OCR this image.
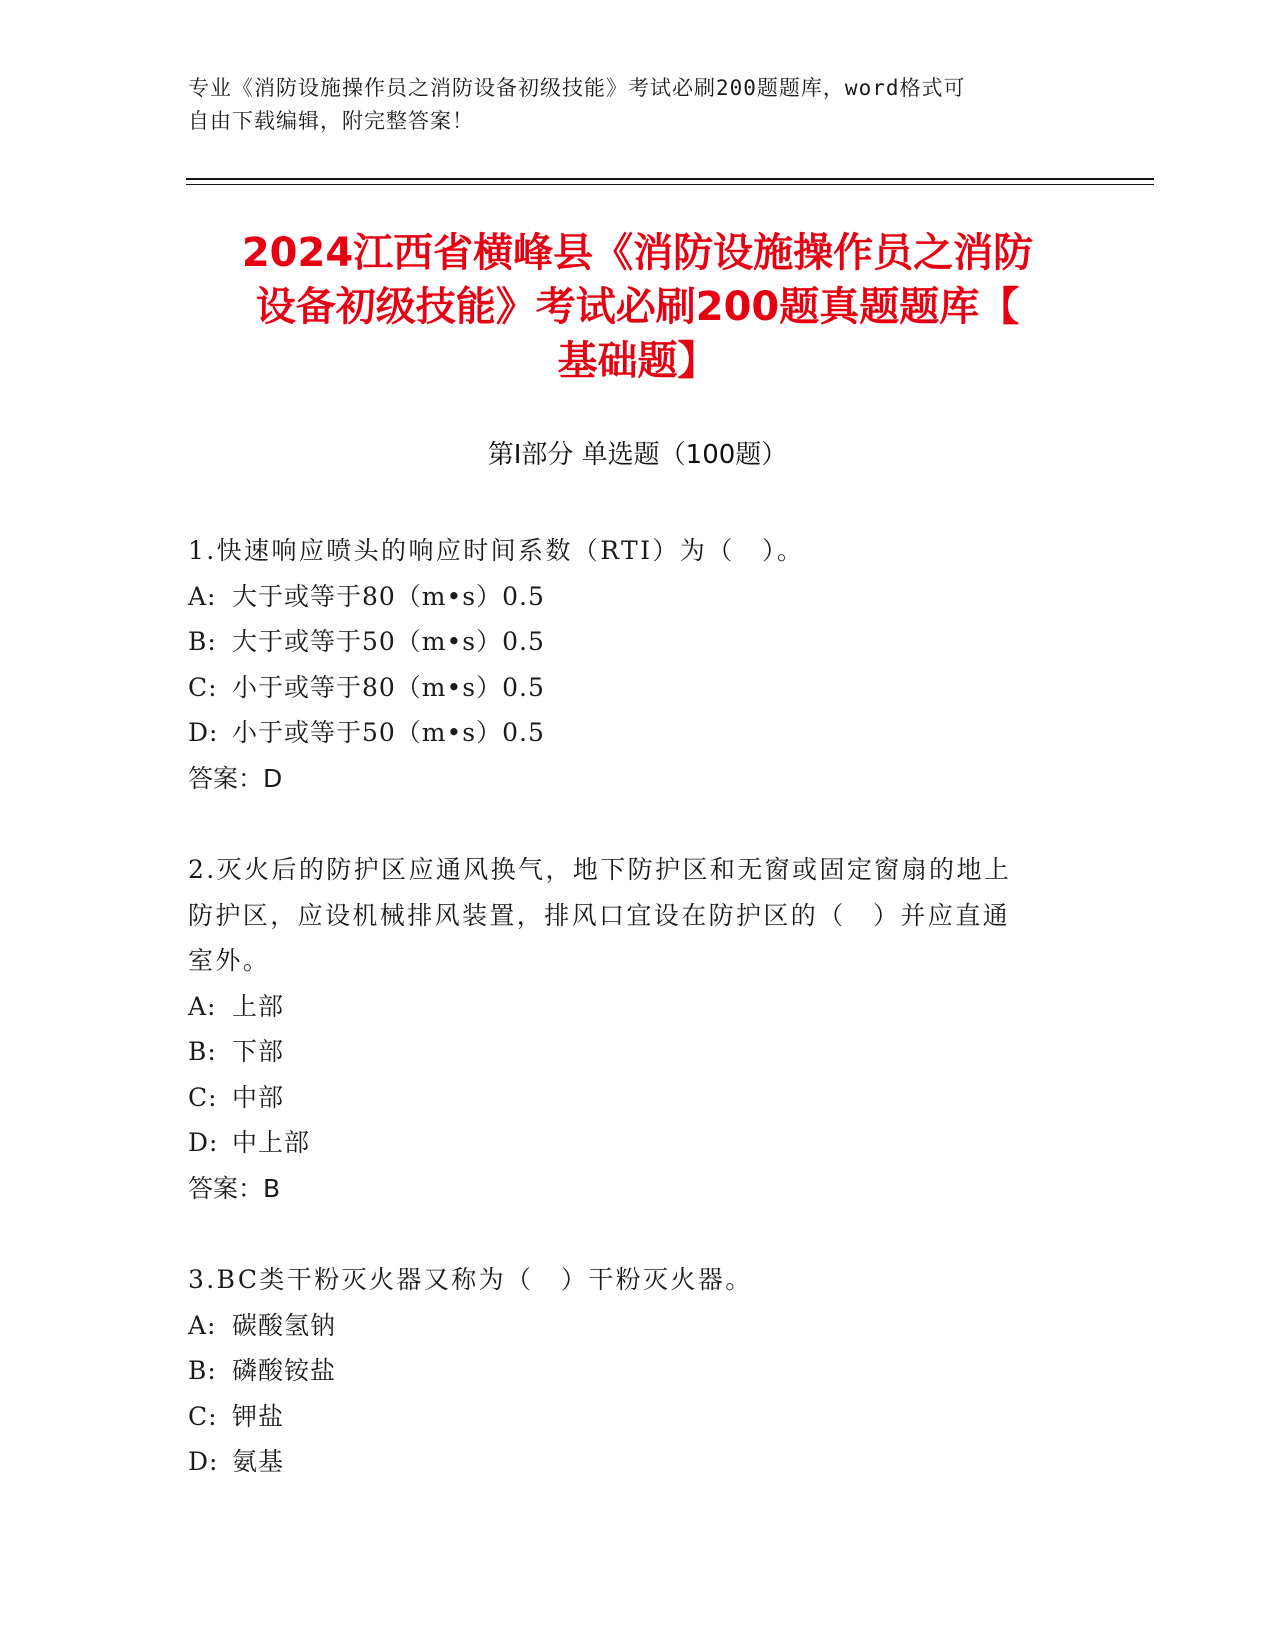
专业《消防设施操作员之消防设备初级技能》考试必刷200题题库，word格式可
自由下载编辑，附完整答案！
2024江西省横峰县《消防设施操作员之消防
设备初级技能》考试必刷200题真题题库【
基础题】
第Ⅰ部分 单选题（100题）
1.快速响应喷头的响应时间系数（RTI）为（　）。
A: 大于或等于80（m•s）0.5
B: 大于或等于50（m•s）0.5
C: 小于或等于80（m•s）0.5
D: 小于或等于50（m•s）0.5
答案：D
2.灭火后的防护区应通风换气，地下防护区和无窗或固定窗扇的地上
防护区，应设机械排风装置，排风口宜设在防护区的（　）并应直通
室外。
A: 上部
B: 下部
C: 中部
D: 中上部
答案：B
3.BC类干粉灭火器又称为（　）干粉灭火器。
A: 碳酸氢钠
B: 磷酸铵盐
C: 钾盐
D: 氨基
